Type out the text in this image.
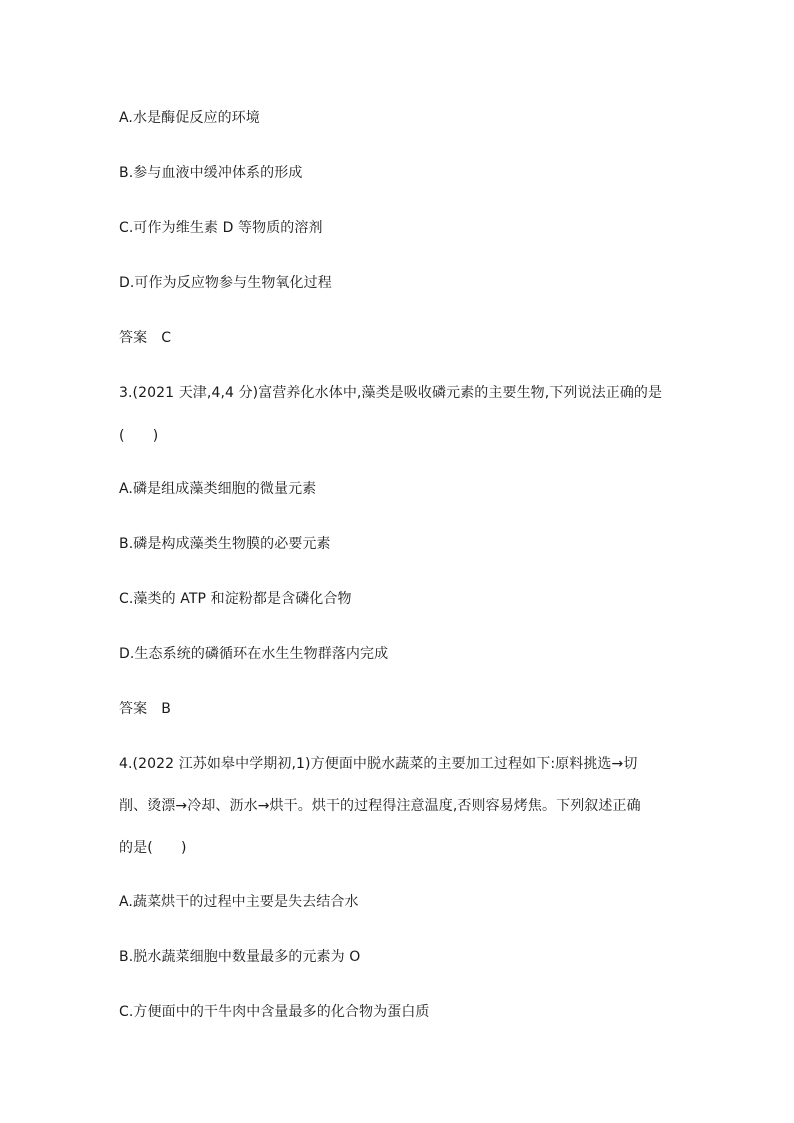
A.水是酶促反应的环境
B.参与血液中缓冲体系的形成
C.可作为维生素 D 等物质的溶剂
D.可作为反应物参与生物氧化过程
答案　C
3.(2021 天津,4,4 分)富营养化水体中,藻类是吸收磷元素的主要生物,下列说法正确的是
(　　)
A.磷是组成藻类细胞的微量元素
B.磷是构成藻类生物膜的必要元素
C.藻类的 ATP 和淀粉都是含磷化合物
D.生态系统的磷循环在水生生物群落内完成
答案　B
4.(2022 江苏如皋中学期初,1)方便面中脱水蔬菜的主要加工过程如下:原料挑选→切
削、烫漂→冷却、沥水→烘干。烘干的过程得注意温度,否则容易烤焦。下列叙述正确
的是(　　)
A.蔬菜烘干的过程中主要是失去结合水
B.脱水蔬菜细胞中数量最多的元素为 O
C.方便面中的干牛肉中含量最多的化合物为蛋白质
